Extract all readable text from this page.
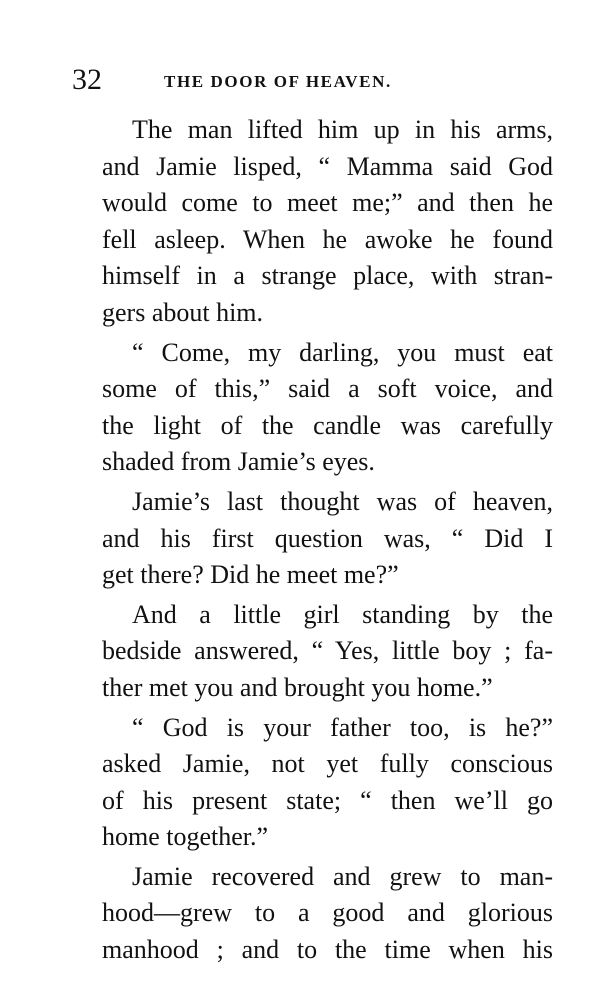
32	THE DOOR OF HEAVEN.
The man lifted him up in his arms,
and Jamie lisped, “ Mamma said God
would come to meet me;” and then he
fell asleep. When he awoke he found
himself in a strange place, with stran-
gers about him.
“ Come, my darling, you must eat
some of this,” said a soft voice, and
the light of the candle was carefully
shaded from Jamie’s eyes.
Jamie’s last thought was of heaven,
and his first question was, “ Did I
get there? Did he meet me?”
And a little girl standing by the
bedside answered, “ Yes, little boy ; fa-
ther met you and brought you home.”
“ God is your father too, is he?”
asked Jamie, not yet fully conscious
of his present state; “ then we’ll go
home together.”
Jamie recovered and grew to man-
hood—grew to a good and glorious
manhood ; and to the time when his
